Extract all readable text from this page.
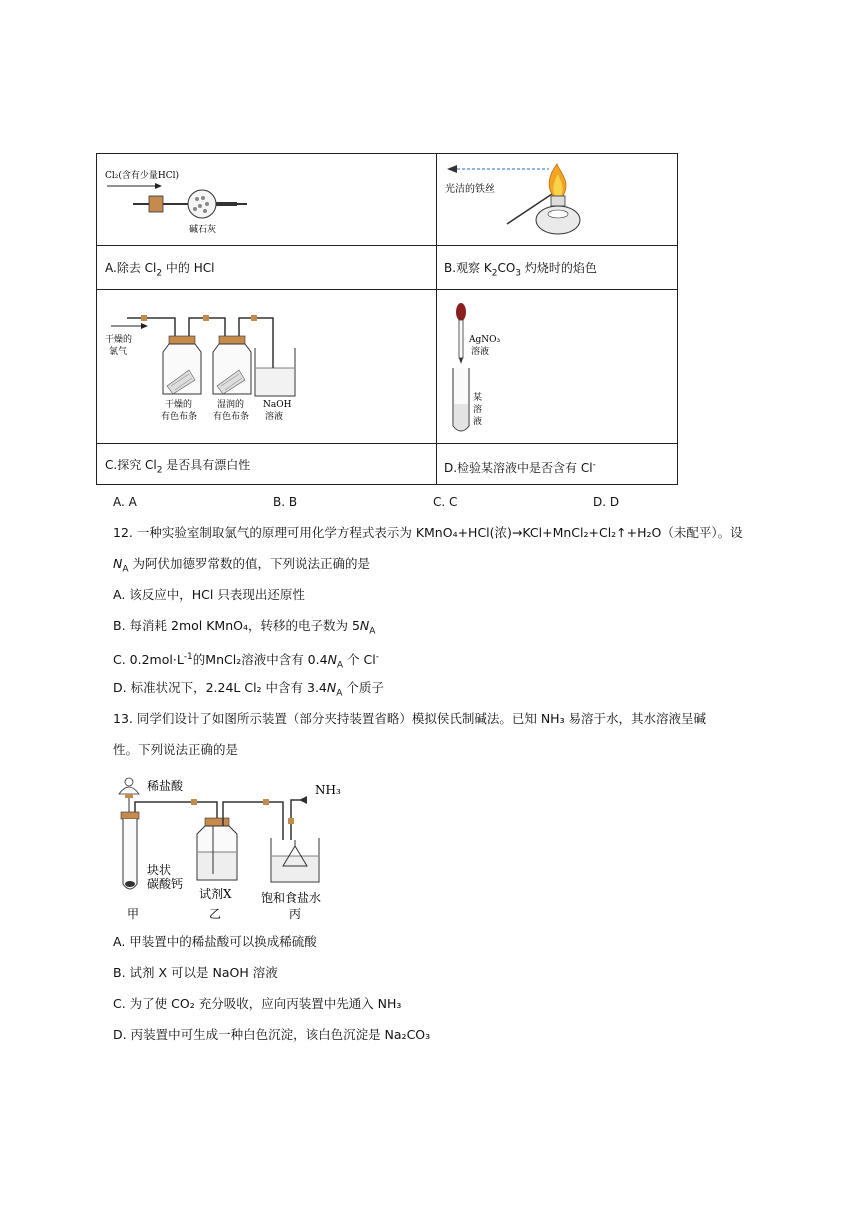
Cl₂(含有少量HCl)
碱石灰
光洁的铁丝
A.除去 $Cl_2$ 中的 HCl	B.观察 $K_2CO_3$ 灼烧时的焰色
干燥的
氯气
干燥的
有色布条
湿润的
有色布条
NaOH
溶液
AgNO₃
溶液
某
溶
液
C.探究 $Cl_2$ 是否具有漂白性	D.检验某溶液中是否含有 Cl-
A. A	B. B	C. C	D. D
12. 一种实验室制取氯气的原理可用化学方程式表示为 KMnO₄+HCl(浓)→KCl+MnCl₂+Cl₂↑+H₂O（未配平）。设
$N_A$ 为阿伏加德罗常数的值，下列说法正确的是
A. 该反应中，HCl 只表现出还原性
B. 每消耗 2mol KMnO₄，转移的电子数为 $5N_A$
C. $0.2mol\cdot L^{-1}$的MnCl₂溶液中含有 $0.4N_A$ 个 Cl-
D. 标准状况下，2.24L Cl₂ 中含有 $3.4N_A$ 个质子
13. 同学们设计了如图所示装置（部分夹持装置省略）模拟侯氏制碱法。已知 NH₃ 易溶于水，其水溶液呈碱
性。下列说法正确的是
稀盐酸
块状
碳酸钙
甲
试剂X
乙
NH₃
饱和食盐水
丙
A. 甲装置中的稀盐酸可以换成稀硫酸
B. 试剂 X 可以是 NaOH 溶液
C. 为了使 CO₂ 充分吸收，应向丙装置中先通入 NH₃
D. 丙装置中可生成一种白色沉淀，该白色沉淀是 Na₂CO₃
